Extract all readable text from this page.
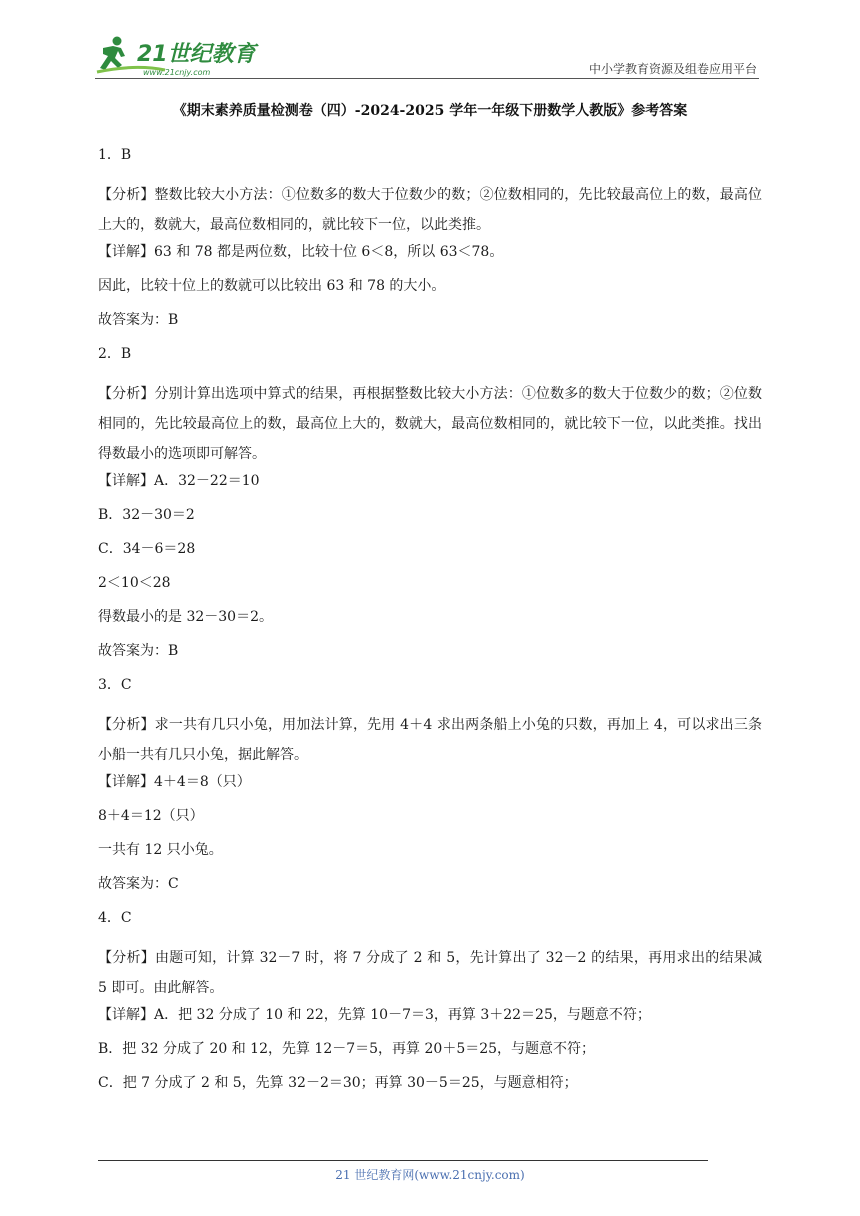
21世纪教育
www.21cnjy.com	中小学教育资源及组卷应用平台
《期末素养质量检测卷（四）-2024-2025 学年一年级下册数学人教版》参考答案
1．B
【分析】整数比较大小方法：①位数多的数大于位数少的数；②位数相同的，先比较最高位上的数，最高位上大的，数就大，最高位数相同的，就比较下一位，以此类推。
【详解】63 和 78 都是两位数，比较十位 6＜8，所以 63＜78。
因此，比较十位上的数就可以比较出 63 和 78 的大小。
故答案为：B
2．B
【分析】分别计算出选项中算式的结果，再根据整数比较大小方法：①位数多的数大于位数少的数；②位数相同的，先比较最高位上的数，最高位上大的，数就大，最高位数相同的，就比较下一位，以此类推。找出得数最小的选项即可解答。
【详解】A．32－22＝10
B．32－30＝2
C．34－6＝28
2＜10＜28
得数最小的是 32－30＝2。
故答案为：B
3．C
【分析】求一共有几只小兔，用加法计算，先用 4＋4 求出两条船上小兔的只数，再加上 4，可以求出三条小船一共有几只小兔，据此解答。
【详解】4＋4＝8（只）
8＋4＝12（只）
一共有 12 只小兔。
故答案为：C
4．C
【分析】由题可知，计算 32－7 时，将 7 分成了 2 和 5，先计算出了 32－2 的结果，再用求出的结果减 5 即可。由此解答。
【详解】A．把 32 分成了 10 和 22，先算 10－7＝3，再算 3＋22＝25，与题意不符；
B．把 32 分成了 20 和 12，先算 12－7＝5，再算 20＋5＝25，与题意不符；
C．把 7 分成了 2 和 5，先算 32－2＝30；再算 30－5＝25，与题意相符；
21 世纪教育网(www.21cnjy.com)
